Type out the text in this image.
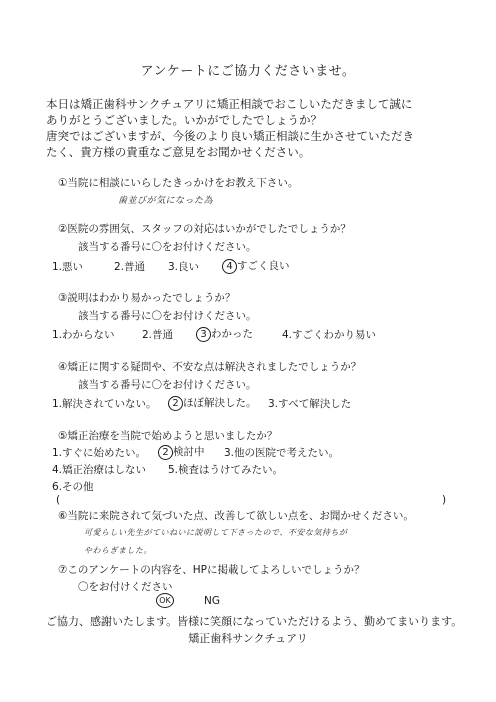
アンケートにご協力くださいませ。
本日は矯正歯科サンクチュアリに矯正相談でおこしいただきまして誠に
ありがとうございました。いかがでしたでしょうか？
唐突ではございますが、今後のより良い矯正相談に生かさせていただき
たく、貴方様の貴重なご意見をお聞かせください。
①当院に相談にいらしたきっかけをお教え下さい。
歯並びが気になった為
②医院の雰囲気、スタッフの対応はいかがでしたでしょうか？
該当する番号に〇をお付けください。
1.悪い	2.普通 3.良い	4 すごく良い
③説明はわかり易かったでしょうか？
該当する番号に〇をお付けください。
1.わからない	2.普通	3 わかった	4.すごくわかり易い
④矯正に関する疑問や、不安な点は解決されましたでしょうか？
該当する番号に〇をお付けください。
1.解決されていない。	2 ほぼ解決した。 3.すべて解決した
⑤矯正治療を当院で始めようと思いましたか？
1.すぐに始めたい。	2 検討中 3.他の医院で考えたい。
4.矯正治療はしない 5.検査はうけてみたい。
6.その他
(	)
⑥当院に来院されて気づいた点、改善して欲しい点を、お聞かせください。
可愛らしい先生がていねいに説明して下さったので、不安な気持ちが
やわらぎました。
⑦このアンケートの内容を、HPに掲載してよろしいでしょうか？
〇をお付けください
OK	NG
ご協力、感謝いたします。皆様に笑顔になっていただけるよう、勤めてまいります。
矯正歯科サンクチュアリ
